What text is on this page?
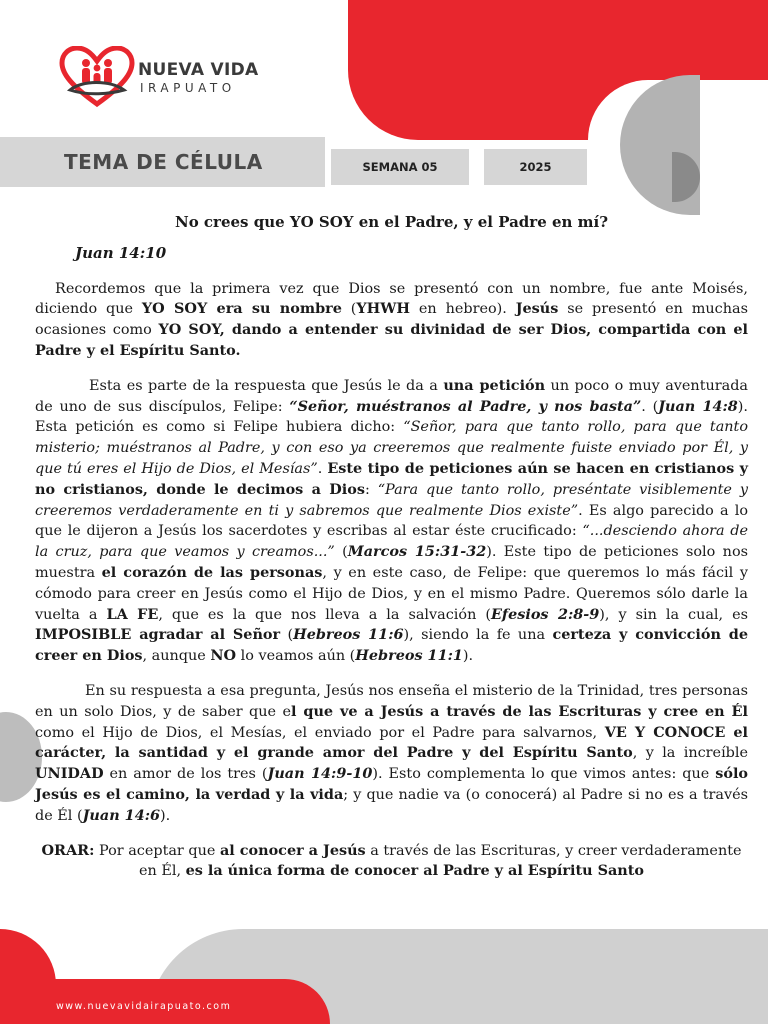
NUEVA VIDA
IRAPUATO
TEMA DE CÉLULA	SEMANA 05	2025
No crees que YO SOY en el Padre, y el Padre en mí?
Juan 14:10

Recordemos que la primera vez que Dios se presentó con un nombre, fue ante Moisés, diciendo que YO SOY era su nombre (YHWH en hebreo). Jesús se presentó en muchas ocasiones como YO SOY, dando a entender su divinidad de ser Dios, compartida con el Padre y el Espíritu Santo.

Esta es parte de la respuesta que Jesús le da a una petición un poco o muy aventurada de uno de sus discípulos, Felipe: “Señor, muéstranos al Padre, y nos basta”. (Juan 14:8). Esta petición es como si Felipe hubiera dicho: “Señor, para que tanto rollo, para que tanto misterio; muéstranos al Padre, y con eso ya creeremos que realmente fuiste enviado por Él, y que tú eres el Hijo de Dios, el Mesías”. Este tipo de peticiones aún se hacen en cristianos y no cristianos, donde le decimos a Dios: “Para que tanto rollo, preséntate visiblemente y creeremos verdaderamente en ti y sabremos que realmente Dios existe”. Es algo parecido a lo que le dijeron a Jesús los sacerdotes y escribas al estar éste crucificado: “...desciendo ahora de la cruz, para que veamos y creamos...” (Marcos 15:31-32). Este tipo de peticiones solo nos muestra el corazón de las personas, y en este caso, de Felipe: que queremos lo más fácil y cómodo para creer en Jesús como el Hijo de Dios, y en el mismo Padre. Queremos sólo darle la vuelta a LA FE, que es la que nos lleva a la salvación (Efesios 2:8-9), y sin la cual, es IMPOSIBLE agradar al Señor (Hebreos 11:6), siendo la fe una certeza y convicción de creer en Dios, aunque NO lo veamos aún (Hebreos 11:1).

En su respuesta a esa pregunta, Jesús nos enseña el misterio de la Trinidad, tres personas en un solo Dios, y de saber que el que ve a Jesús a través de las Escrituras y cree en Él como el Hijo de Dios, el Mesías, el enviado por el Padre para salvarnos, VE Y CONOCE el carácter, la santidad y el grande amor del Padre y del Espíritu Santo, y la increíble UNIDAD en amor de los tres (Juan 14:9-10). Esto complementa lo que vimos antes: que sólo Jesús es el camino, la verdad y la vida; y que nadie va (o conocerá) al Padre si no es a través de Él (Juan 14:6).

ORAR: Por aceptar que al conocer a Jesús a través de las Escrituras, y creer verdaderamente en Él, es la única forma de conocer al Padre y al Espíritu Santo

www.nuevavidairapuato.com
